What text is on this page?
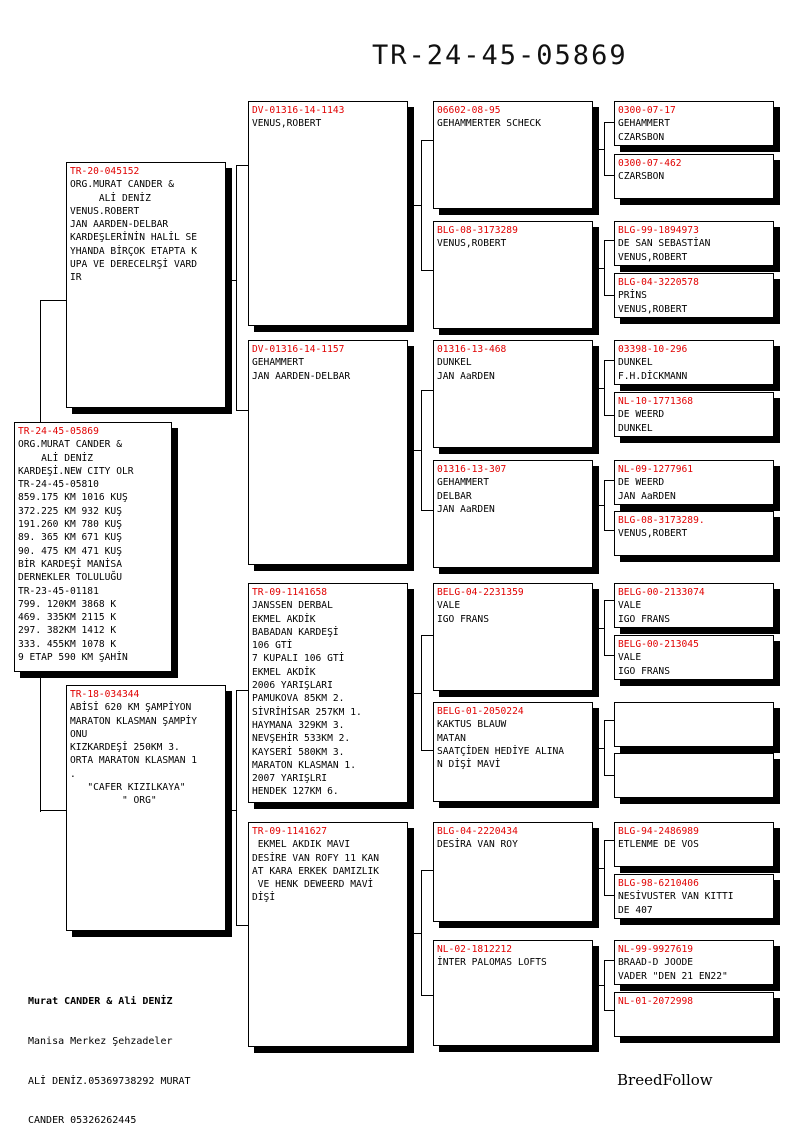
TR-24-45-05869
TR-24-45-05869
ORG.MURAT CANDER &
ALİ DENİZ
KARDEŞİ.NEW CITY OLR
TR-24-45-05810
859.175 KM 1016 KUŞ
372.225 KM 932 KUŞ
191.260 KM 780 KUŞ
89. 365 KM 671 KUŞ
90. 475 KM 471 KUŞ
BİR KARDEŞİ MANİSA
DERNEKLER TOLULUĞU
TR-23-45-01181
799. 120KM 3868 K
469. 335KM 2115 K
297. 382KM 1412 K
333. 455KM 1078 K
9 ETAP 590 KM ŞAHİN
TR-20-045152
ORG.MURAT CANDER &
ALİ DENİZ
VENUS.ROBERT
JAN AARDEN-DELBAR
KARDEŞLERİNİN HALİL SE
YHANDA BİRÇOK ETAPTA K
UPA VE DERECELRŞİ VARD
IR
TR-18-034344
ABİSİ 620 KM ŞAMPİYON
MARATON KLASMAN ŞAMPİY
ONU
KIZKARDEŞİ 250KM 3.
ORTA MARATON KLASMAN 1
.
"CAFER KIZILKAYA"
" ORG"
DV-01316-14-1143
VENUS,ROBERT
DV-01316-14-1157
GEHAMMERT
JAN AARDEN-DELBAR
TR-09-1141658
JANSSEN DERBAL
EKMEL AKDİK
BABADAN KARDEŞİ
106 GTİ
7 KUPALI 106 GTİ
EKMEL AKDİK
2006 YARIŞLARI
PAMUKOVA 85KM 2.
SİVRİHİSAR 257KM 1.
HAYMANA 329KM 3.
NEVŞEHİR 533KM 2.
KAYSERİ 580KM 3.
MARATON KLASMAN 1.
2007 YARIŞLRI
HENDEK 127KM 6.
TR-09-1141627
EKMEL AKDIK MAVI
DESİRE VAN ROFY 11 KAN
AT KARA ERKEK DAMIZLIK
VE HENK DEWEERD MAVİ
DİŞİ
06602-08-95
GEHAMMERTER SCHECK
BLG-08-3173289
VENUS,ROBERT
01316-13-468
DUNKEL
JAN AaRDEN
01316-13-307
GEHAMMERT
DELBAR
JAN AaRDEN
BELG-04-2231359
VALE
IGO FRANS
BELG-01-2050224
KAKTUS BLAUW
MATAN
SAATÇİDEN HEDİYE ALINA
N DİŞİ MAVİ
BLG-04-2220434
DESİRA VAN ROY
NL-02-1812212
İNTER PALOMAS LOFTS
0300-07-17
GEHAMMERT
CZARSBON
0300-07-462
CZARSBON
BLG-99-1894973
DE SAN SEBASTİAN
VENUS,ROBERT
BLG-04-3220578
PRİNS
VENUS,ROBERT
03398-10-296
DUNKEL
F.H.DİCKMANN
NL-10-1771368
DE WEERD
DUNKEL
NL-09-1277961
DE WEERD
JAN AaRDEN
BLG-08-3173289.
VENUS,ROBERT
BELG-00-2133074
VALE
IGO FRANS
BELG-00-213045
VALE
IGO FRANS
BLG-94-2486989
ETLENME DE VOS
BLG-98-6210406
NESİVUSTER VAN KITTI
DE 407
NL-99-9927619
BRAAD-D JOODE
VADER "DEN 21 EN22"
NL-01-2072998

Murat CANDER & Ali DENİZ

Manisa Merkez Şehzadeler

ALİ DENİZ.05369738292 MURAT

CANDER 05326262445

BreedFollow
